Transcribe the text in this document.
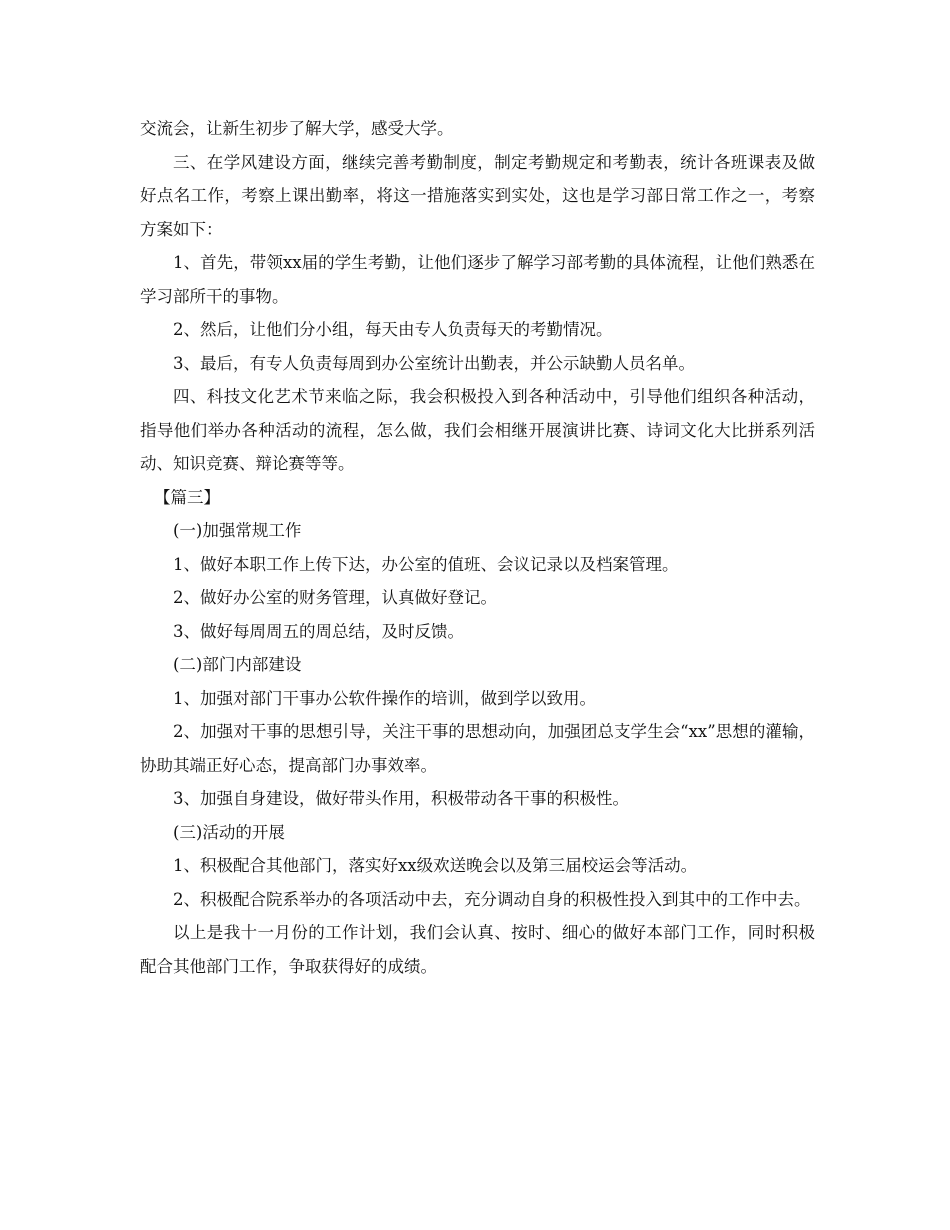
交流会，让新生初步了解大学，感受大学。

三、在学风建设方面，继续完善考勤制度，制定考勤规定和考勤表，统计各班课表及做好点名工作，考察上课出勤率，将这一措施落实到实处，这也是学习部日常工作之一，考察方案如下：

1、首先，带领xx届的学生考勤，让他们逐步了解学习部考勤的具体流程，让他们熟悉在学习部所干的事物。

2、然后，让他们分小组，每天由专人负责每天的考勤情况。

3、最后，有专人负责每周到办公室统计出勤表，并公示缺勤人员名单。

四、科技文化艺术节来临之际，我会积极投入到各种活动中，引导他们组织各种活动，指导他们举办各种活动的流程，怎么做，我们会相继开展演讲比赛、诗词文化大比拼系列活动、知识竞赛、辩论赛等等。

【篇三】

(一)加强常规工作

1、做好本职工作上传下达，办公室的值班、会议记录以及档案管理。

2、做好办公室的财务管理，认真做好登记。

3、做好每周周五的周总结，及时反馈。

(二)部门内部建设

1、加强对部门干事办公软件操作的培训，做到学以致用。

2、加强对干事的思想引导，关注干事的思想动向，加强团总支学生会“xx”思想的灌输，协助其端正好心态，提高部门办事效率。

3、加强自身建设，做好带头作用，积极带动各干事的积极性。

(三)活动的开展

1、积极配合其他部门，落实好xx级欢送晚会以及第三届校运会等活动。

2、积极配合院系举办的各项活动中去，充分调动自身的积极性投入到其中的工作中去。

以上是我十一月份的工作计划，我们会认真、按时、细心的做好本部门工作，同时积极配合其他部门工作，争取获得好的成绩。
